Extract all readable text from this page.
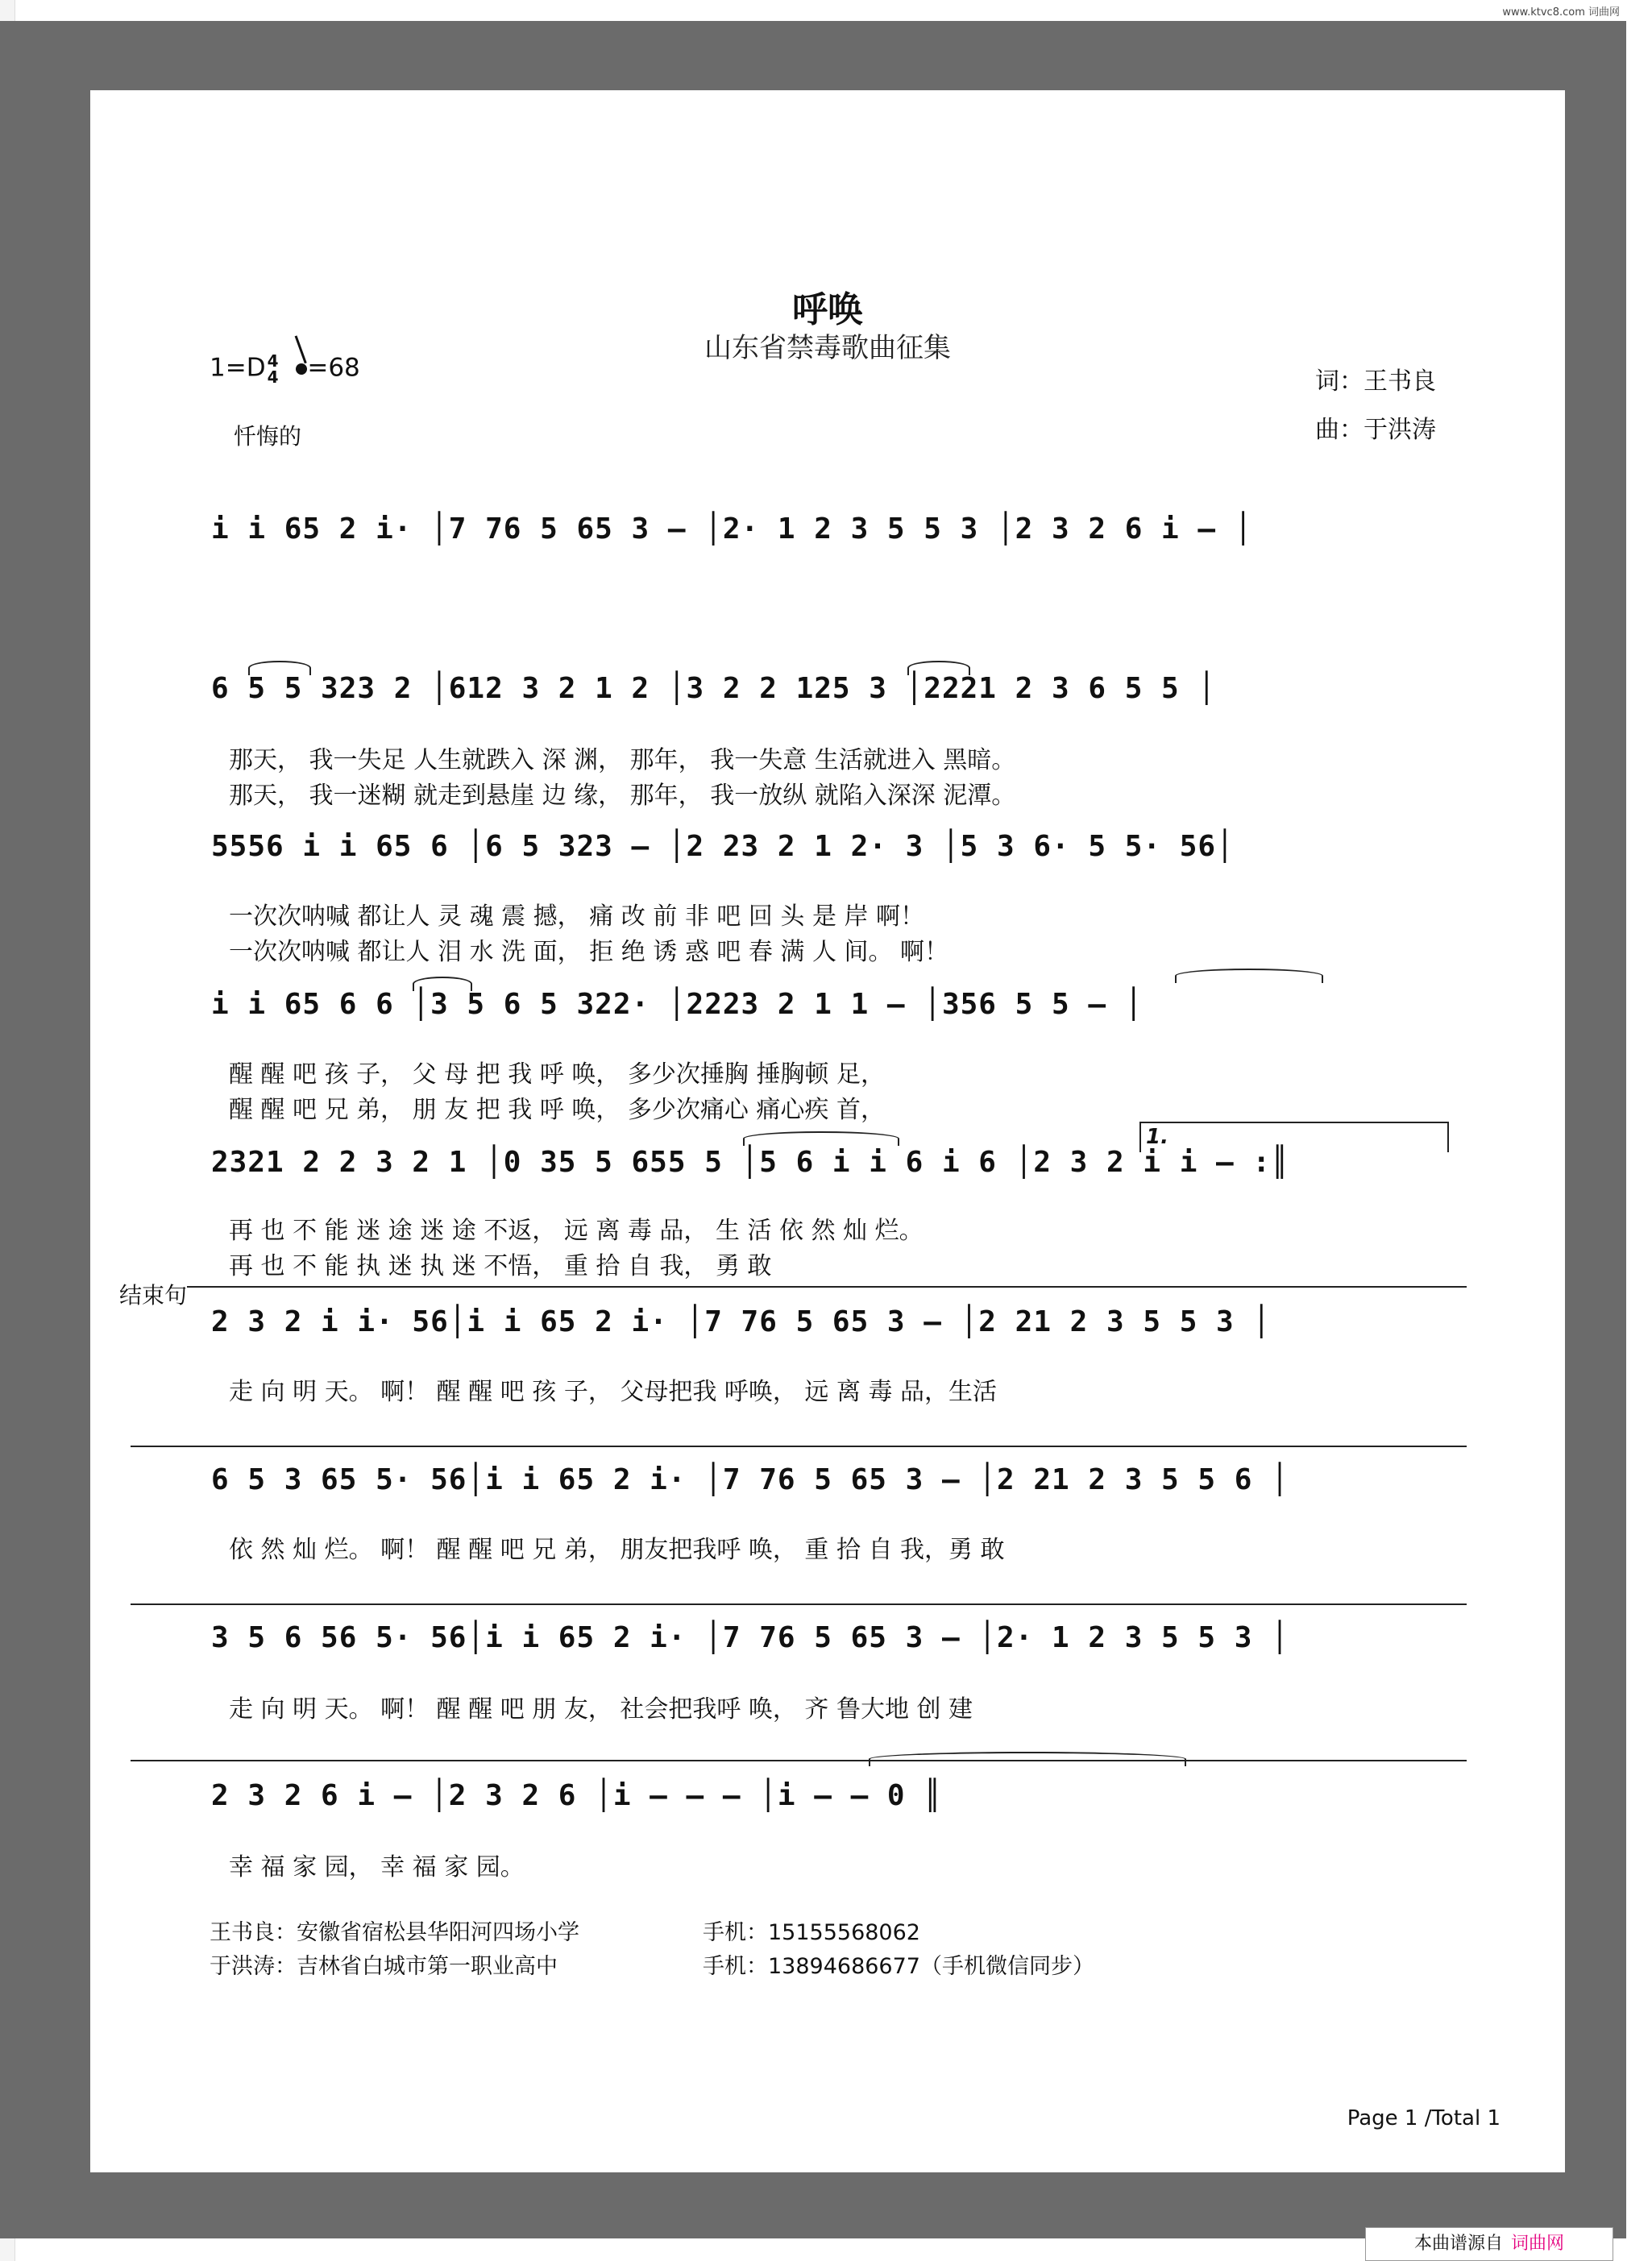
www.ktvc8.com 词曲网
呼唤
山东省禁毒歌曲征集
1=D 4
4 =68	词：王书良
曲：于洪涛
忏悔的
i i 65 2 i· │7 76 5 65 3 – │2· 1 2 3 5 5 3 │2 3 2 6 i – │
6 5 5 323 2 │612 3 2 1 2 │3 2 2 125 3 │2221 2 3 6 5 5 │
那天， 我一失足 人生就跌入 深 渊， 那年， 我一失意 生活就进入 黑暗。
那天， 我一迷糊 就走到悬崖 边 缘， 那年， 我一放纵 就陷入深深 泥潭。
5556 i i 65 6 │6 5 323 – │2 23 2 1 2· 3 │5 3 6· 5 5· 56│
一次次呐喊 都让人 灵 魂 震 撼， 痛 改 前 非 吧 回 头 是 岸 啊！
一次次呐喊 都让人 泪 水 洗 面， 拒 绝 诱 惑 吧 春 满 人 间。 啊！
i i 65 6 6 │3 5 6 5 322· │2223 2 1 1 – │356 5 5 – │
醒 醒 吧 孩 子， 父 母 把 我 呼 唤， 多少次捶胸 捶胸顿 足，
醒 醒 吧 兄 弟， 朋 友 把 我 呼 唤， 多少次痛心 痛心疾 首，
1.
2321 2 2 3 2 1 │0 35 5 655 5 │5 6 i i 6 i 6 │2 3 2 i i – :║
再 也 不 能 迷 途 迷 途 不返， 远 离 毒 品， 生 活 依 然 灿 烂。
再 也 不 能 执 迷 执 迷 不悟， 重 拾 自 我， 勇 敢
结束句
2 3 2 i i· 56│i i 65 2 i· │7 76 5 65 3 – │2 21 2 3 5 5 3 │
走 向 明 天。 啊！ 醒 醒 吧 孩 子， 父母把我 呼唤， 远 离 毒 品，生活
6 5 3 65 5· 56│i i 65 2 i· │7 76 5 65 3 – │2 21 2 3 5 5 6 │
依 然 灿 烂。 啊！ 醒 醒 吧 兄 弟， 朋友把我呼 唤， 重 拾 自 我，勇 敢
3 5 6 56 5· 56│i i 65 2 i· │7 76 5 65 3 – │2· 1 2 3 5 5 3 │
走 向 明 天。 啊！ 醒 醒 吧 朋 友， 社会把我呼 唤， 齐 鲁大地 创 建
2 3 2 6 i – │2 3 2 6 │i – – – │i – – 0 ║
幸 福 家 园， 幸 福 家 园。
王书良：安徽省宿松县华阳河四场小学	手机：15155568062
于洪涛：吉林省白城市第一职业高中	手机：13894686677（手机微信同步）
Page 1 /Total 1
本曲谱源自 词曲网
